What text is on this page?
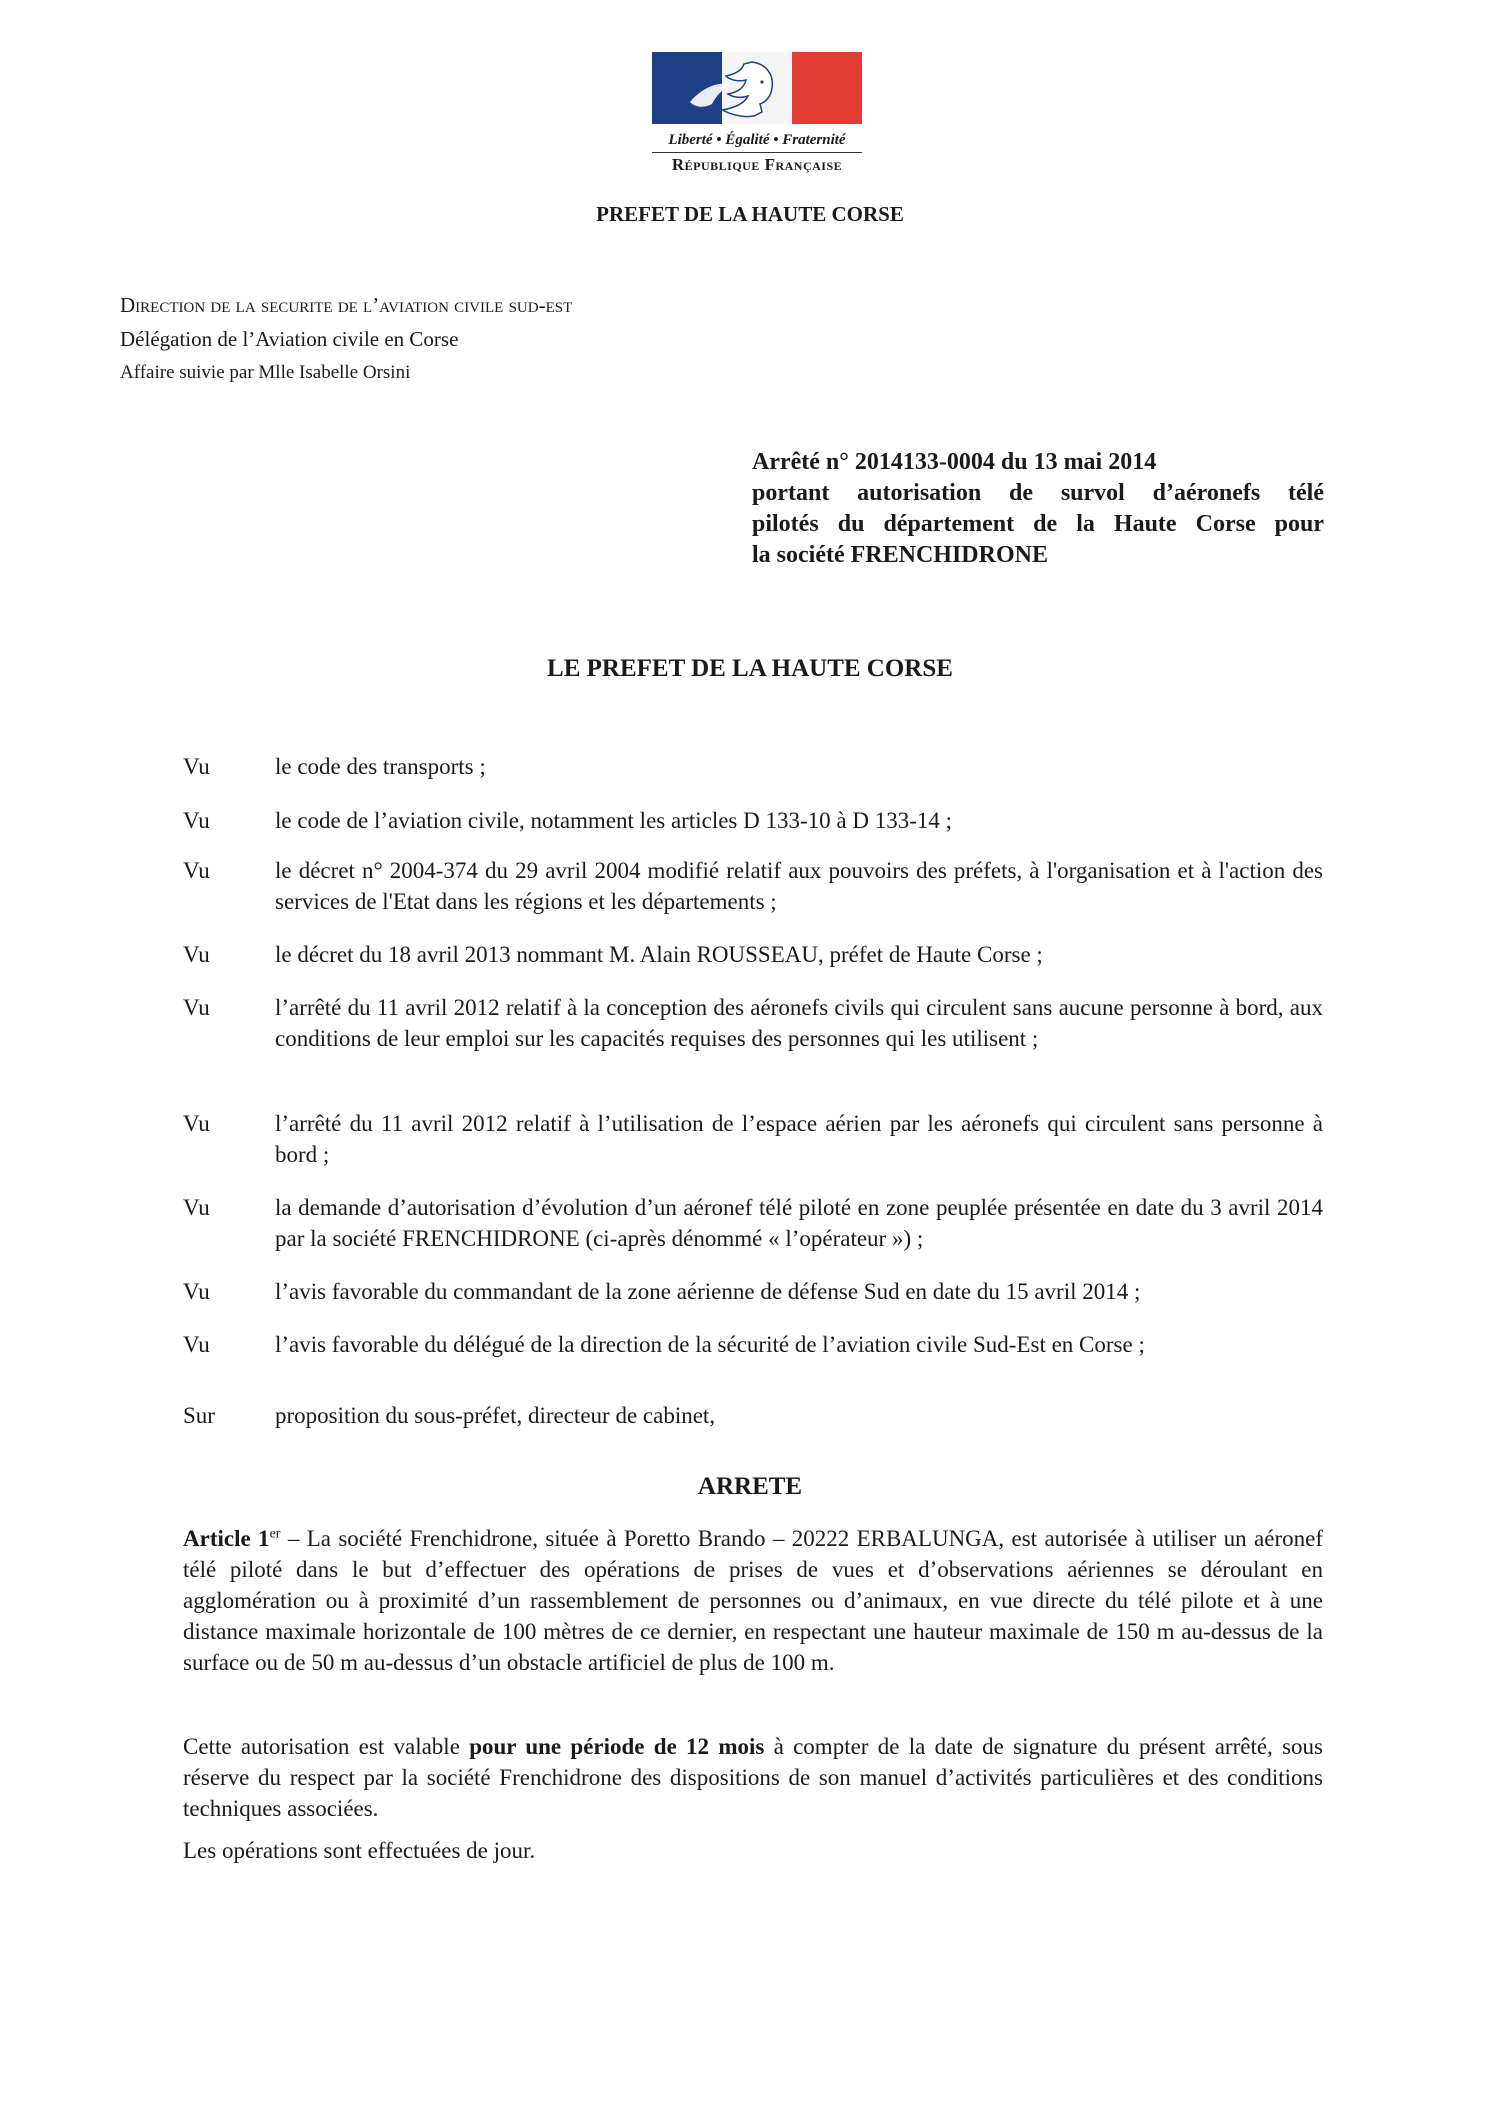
Liberté • Égalité • Fraternité
République Française
PREFET DE LA HAUTE CORSE
Direction de la securite de l’aviation civile sud-est
Délégation de l’Aviation civile en Corse
Affaire suivie par Mlle Isabelle Orsini
Arrêté n° 2014133-0004 du 13 mai 2014
portant autorisation de survol d’aéronefs télé
pilotés du département de la Haute Corse pour
la société FRENCHIDRONE
LE PREFET DE LA HAUTE CORSE
Vu	le code des transports ;
Vu	le code de l’aviation civile, notamment les articles D 133-10 à D 133-14 ;
Vu	le décret n° 2004-374 du 29 avril 2004 modifié relatif aux pouvoirs des préfets, à l'organisation et à l'action des services de l'Etat dans les régions et les départements ;
Vu	le décret du 18 avril 2013 nommant M. Alain ROUSSEAU, préfet de Haute Corse ;
Vu	l’arrêté du 11 avril 2012 relatif à la conception des aéronefs civils qui circulent sans aucune personne à bord, aux conditions de leur emploi sur les capacités requises des personnes qui les utilisent ;
Vu	l’arrêté du 11 avril 2012 relatif à l’utilisation de l’espace aérien par les aéronefs qui circulent sans personne à bord ;
Vu	la demande d’autorisation d’évolution d’un aéronef télé piloté en zone peuplée présentée en date du 3 avril 2014 par la société FRENCHIDRONE (ci-après dénommé « l’opérateur ») ;
Vu	l’avis favorable du commandant de la zone aérienne de défense Sud en date du 15 avril 2014 ;
Vu	l’avis favorable du délégué de la direction de la sécurité de l’aviation civile Sud-Est en Corse ;
Sur	proposition du sous-préfet, directeur de cabinet,
ARRETE
Article 1er – La société Frenchidrone, située à Poretto Brando – 20222 ERBALUNGA, est autorisée à utiliser un aéronef télé piloté dans le but d’effectuer des opérations de prises de vues et d’observations aériennes se déroulant en agglomération ou à proximité d’un rassemblement de personnes ou d’animaux, en vue directe du télé pilote et à une distance maximale horizontale de 100 mètres de ce dernier, en respectant une hauteur maximale de 150 m au-dessus de la surface ou de 50 m au-dessus d’un obstacle artificiel de plus de 100 m.
Cette autorisation est valable pour une période de 12 mois à compter de la date de signature du présent arrêté, sous réserve du respect par la société Frenchidrone des dispositions de son manuel d’activités particulières et des conditions techniques associées.
Les opérations sont effectuées de jour.
